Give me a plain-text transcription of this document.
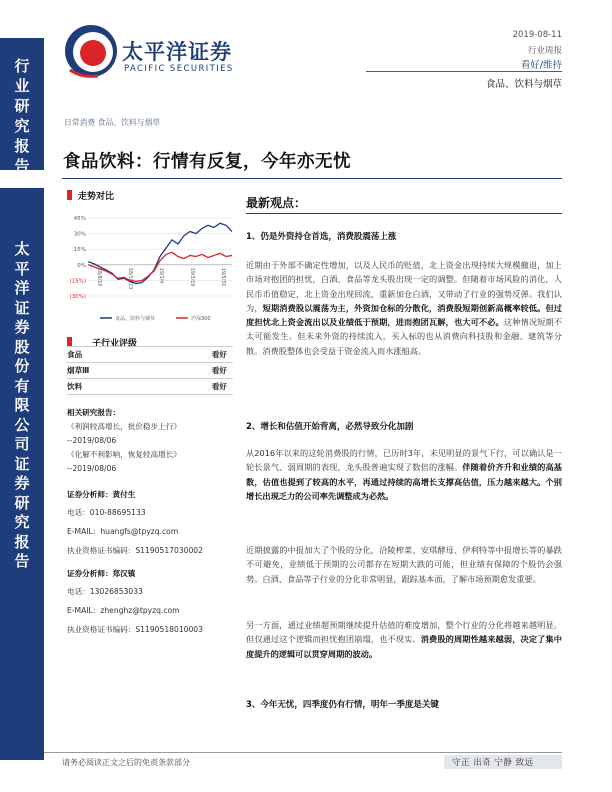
行
业
研
究
报
告
太
平
洋
证
券
股
份
有
限
公
司
证
券
研
究
报
告
太平洋证券
PACIFIC SECURITIES
2019-08-11
行业周报
看好/维持
食品、饮料与烟草
日常消费 食品、饮料与烟草
食品饮料：行情有反复，今年亦无忧
走势对比
45%
30%
15%
0%
(15%)
(30%)
18/8/10	18/10/23	19/1/4	19/3/19	19/5/31
食品、饮料与烟草	沪深300
子行业评级
食品	看好
烟草Ⅲ	看好
饮料	看好
相关研究报告：
《利润较高增长，批价稳步上行》
--2019/08/06
《化解不利影响，恢复较高增长》
--2019/08/06
证券分析师：黄付生
电话：010-88695133
E-MAIL：huangfs@tpyzq.com
执业资格证书编码：S1190517030002
证券分析师：郑汉镇
电话：13026853033
E-MAIL：zhenghz@tpyzq.com
执业资格证书编码：S1190518010003
最新观点：
1、仍是外资持仓首选，消费股震荡上涨
近期由于外部不确定性增加，以及人民币的贬值，北上资金出现持续大规模撤退，加上市场对抱团的担忧，白酒、食品等龙头股出现一定的调整。但随着市场风险的消化，人民币币值稳定，北上资金出现回流，重新加仓白酒，又带动了行业的强势反弹。我们认为，短期消费股以震荡为主，外资加仓标的分散化，消费股短期创新高概率较低。但过度担忧北上资金流出以及业绩低于预期，进而抱团瓦解，也大可不必。这种情况短期不太可能发生。但未来外资的持续流入，买入标的也从消费向科技股和金融、建筑等分散。消费股整体也会受益于资金流入而水涨船高。
2、增长和估值开始背离，必然导致分化加剧
从2016年以来的这轮消费股的行情，已历时3年，未见明显的景气下行，可以确认是一轮长景气、弱周期的表现，龙头股普遍实现了数倍的涨幅。伴随着价齐升和业绩的高基数，估值也提到了较高的水平，再通过持续的高增长支撑高估值，压力越来越大。个别增长出现乏力的公司率先调整成为必然。
近期披露的中报加大了个股的分化，洽陵榨菜、安琪酵母、伊利特等中报增长等的暴跌不可避免，业绩低于预期的公司都存在短期大跌的可能，但业绩有保障的个股仍会强势。白酒、食品等子行业的分化非常明显，跟踪基本面，了解市场预期愈发重要。
另一方面，通过业绩超预期继续提升估值的难度增加，整个行业的分化将越来越明显。但仅通过这个逻辑而担忧抱团崩塌，也不现实。消费股的周期性越来越弱，决定了集中度提升的逻辑可以贯穿周期的波动。
3、今年无忧，四季度仍有行情，明年一季度是关键
请务必阅读正文之后的免责条款部分	守正 出奇 宁静 致远
